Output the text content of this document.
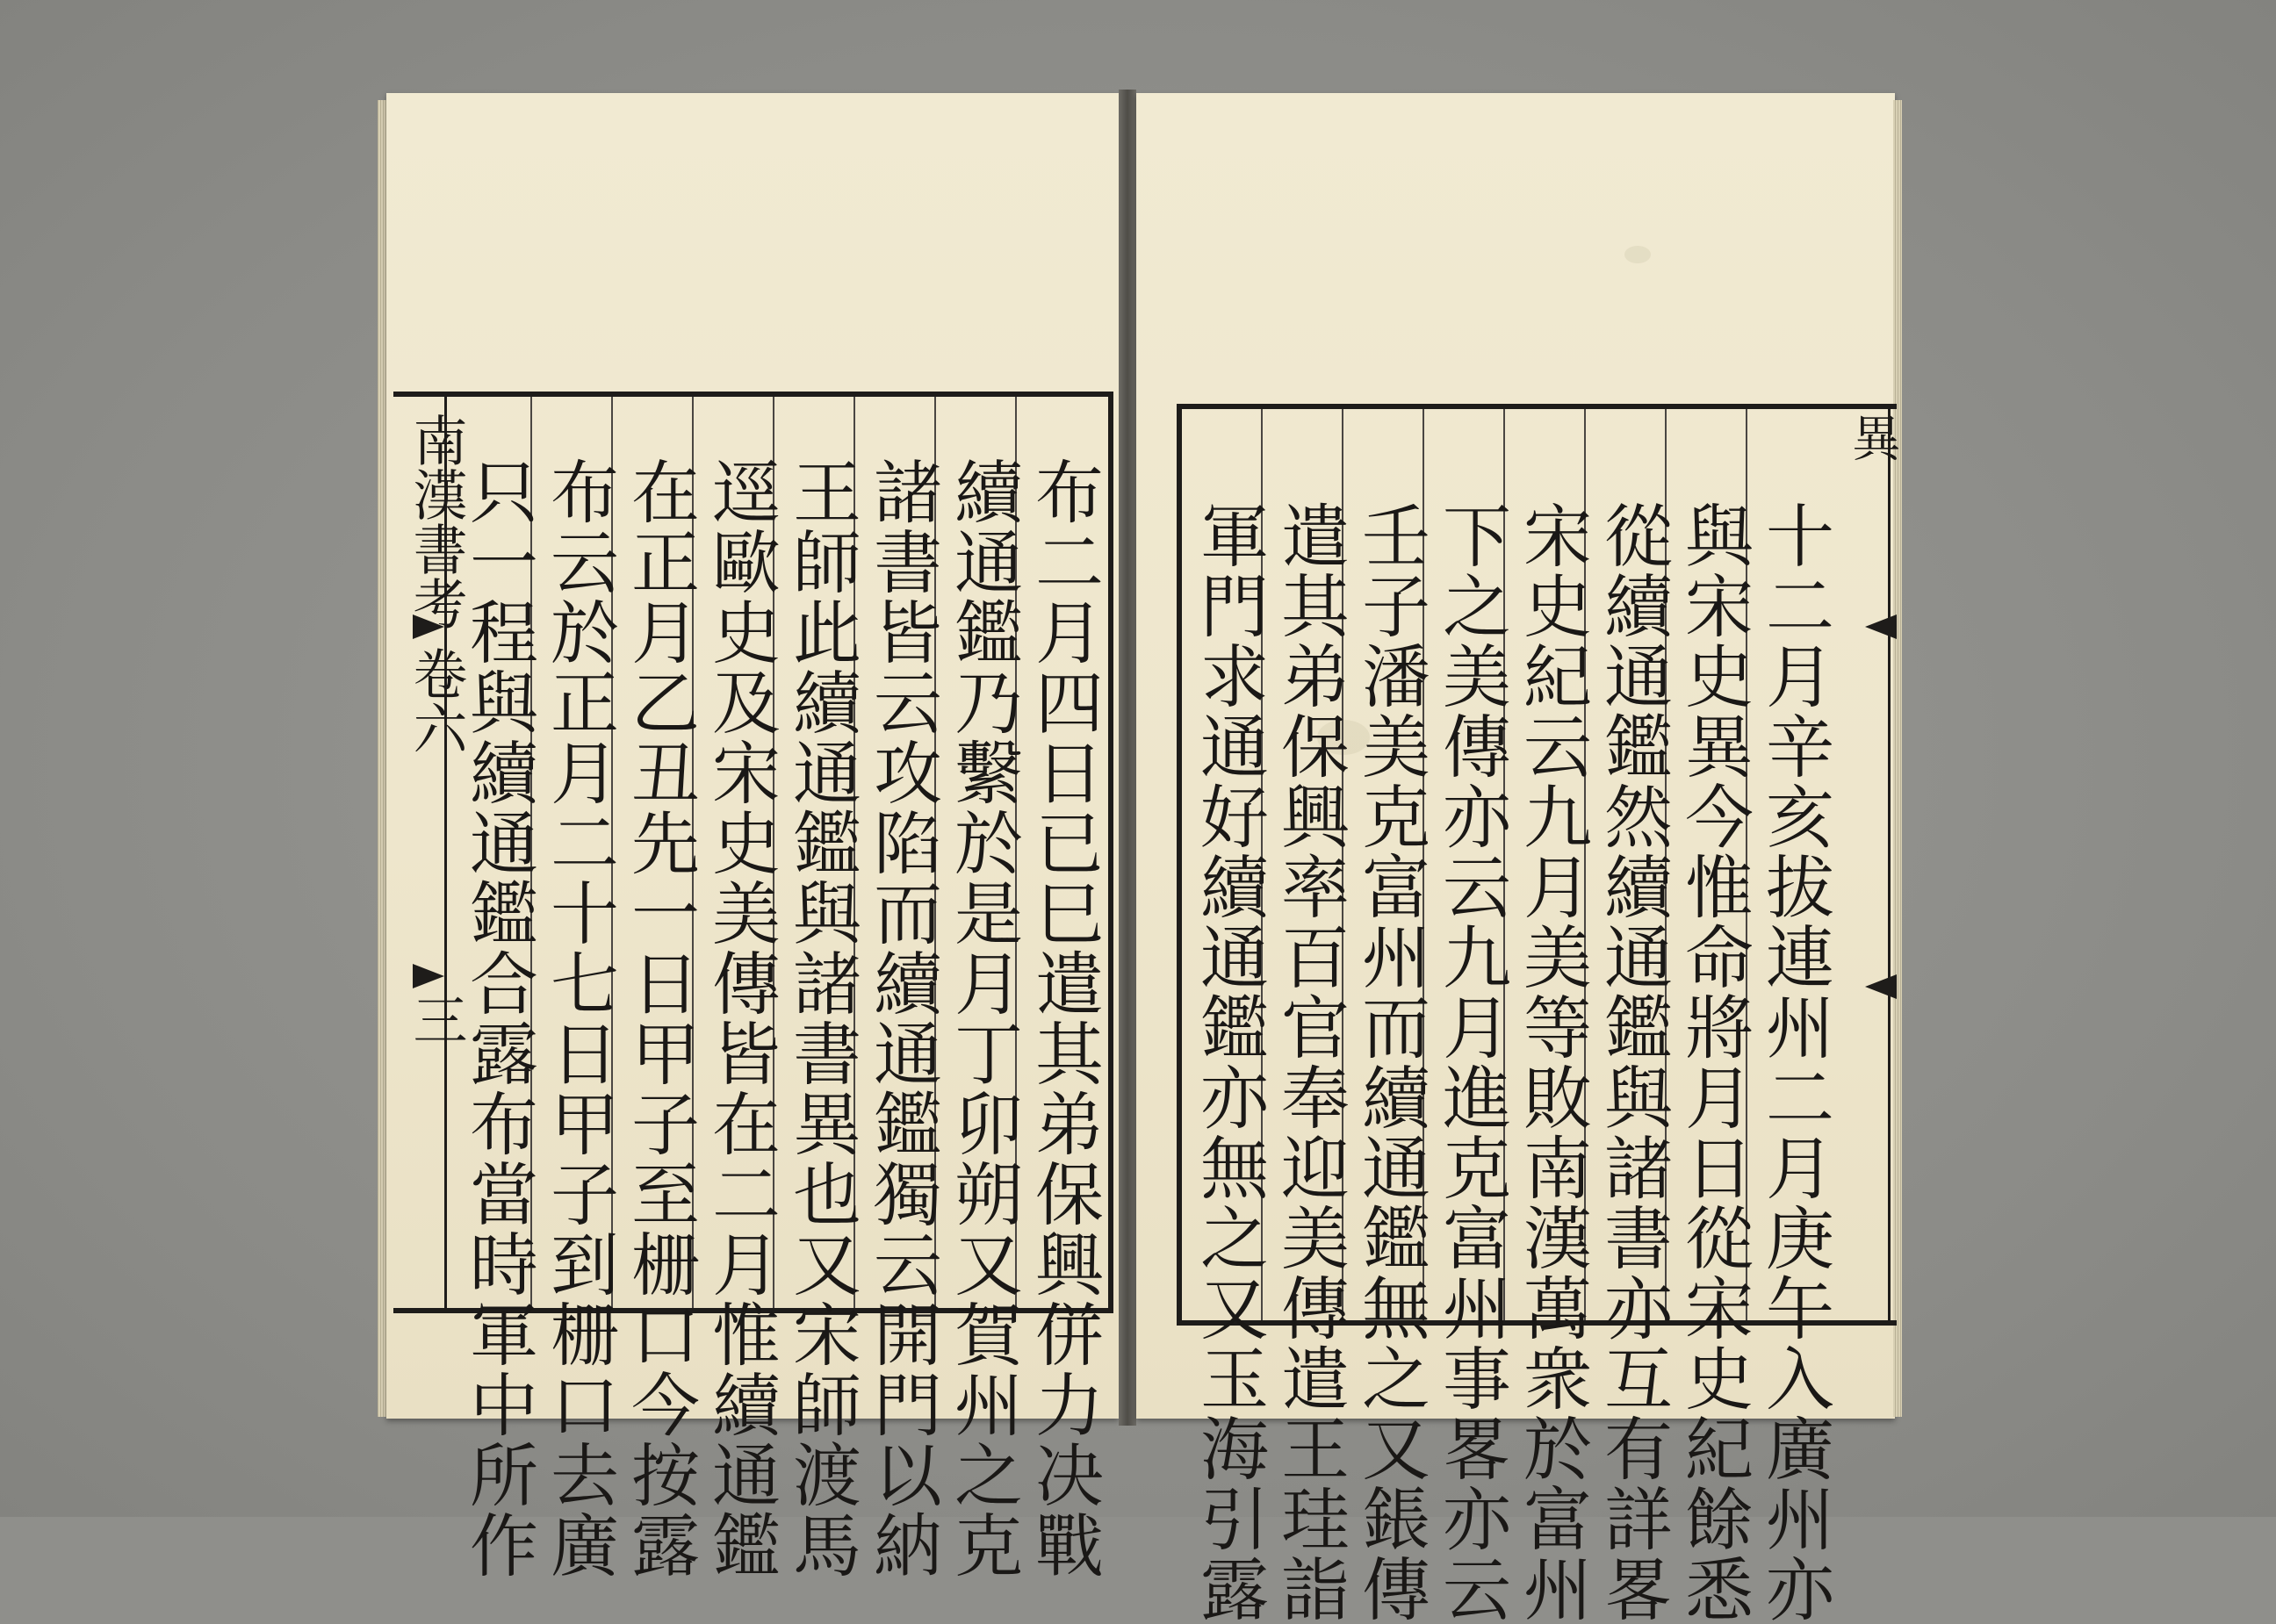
南漢書考
卷六
三	布二月四日已巳遣其弟保興併力决戰
續通鑑乃繫於是月丁卯朔又賀州之克
諸書皆云攻陷而續通鑑獨云開門以納
王師此續通鑑與諸書異也又宋師渡馬
逕歐史及宋史美傳皆在二月惟續通鑑
在正月乙丑先一日甲子至栅口今按露
布云於正月二十七日甲子到栅口去廣
只一程與續通鑑合露布當時軍中所作
異
十二月辛亥拔連州二月庚午入廣州亦
與宋史異今惟命將月日從宋史紀餘悉
從續通鑑然續通鑑與諸書亦互有詳畧
宋史紀云九月美等敗南漢萬衆於富州
下之美傳亦云九月進克富州事畧亦云
壬子潘美克富州而續通鑑無之又鋹傳
遣其弟保興率百官奉迎美傳遣王珪詣
軍門求通好續通鑑亦無之又玉海引露
